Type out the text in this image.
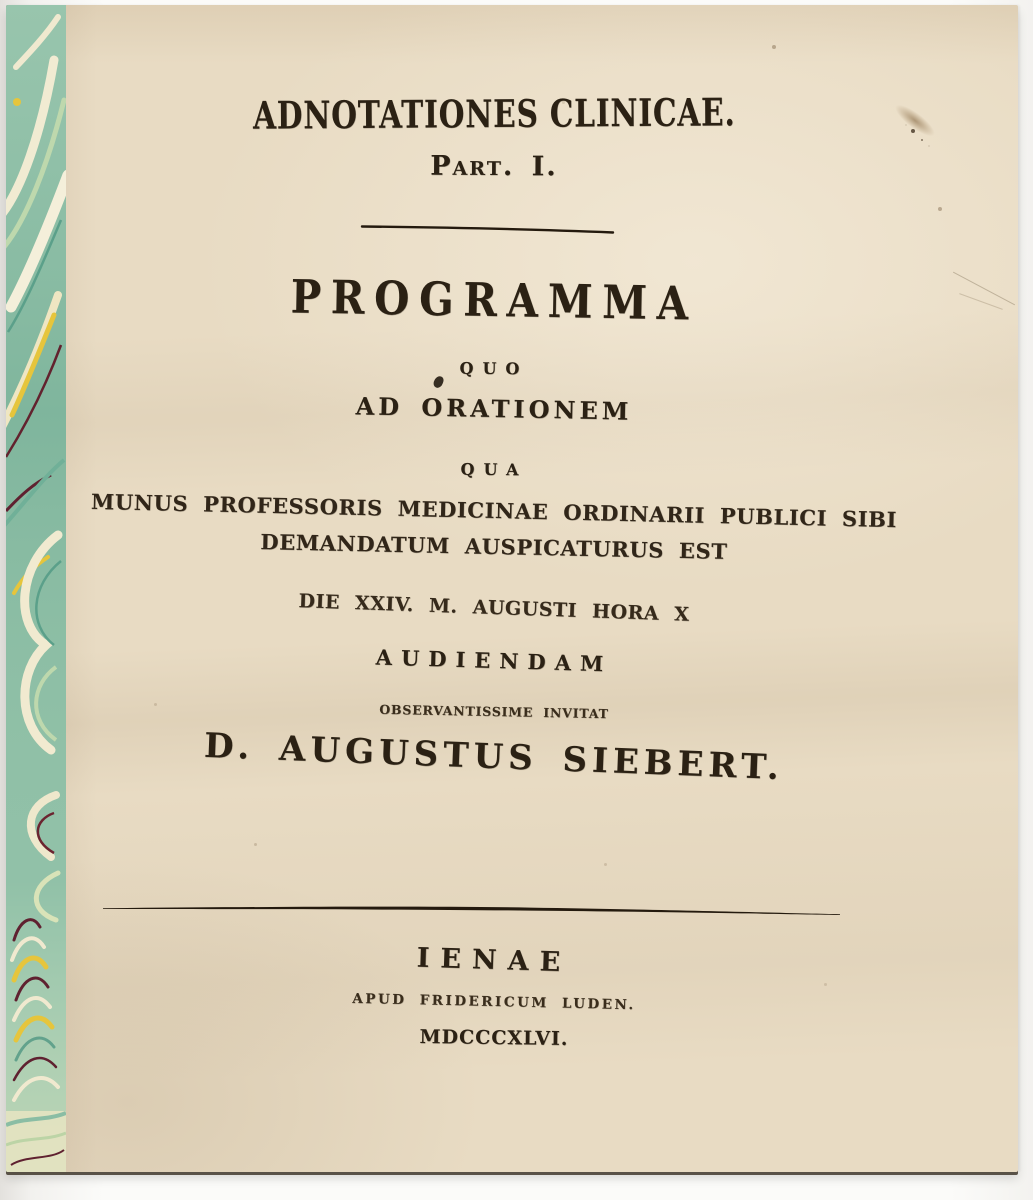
ADNOTATIONES CLINICAE.
Part. I.
PROGRAMMA
QUO
AD ORATIONEM
QUA
MUNUS PROFESSORIS MEDICINAE ORDINARII PUBLICI SIBI
DEMANDATUM AUSPICATURUS EST
DIE XXIV. M. AUGUSTI HORA X
AUDIENDAM
OBSERVANTISSIME INVITAT
D. AUGUSTUS SIEBERT.
IENAE
APUD FRIDERICUM LUDEN.
MDCCCXLVI.
